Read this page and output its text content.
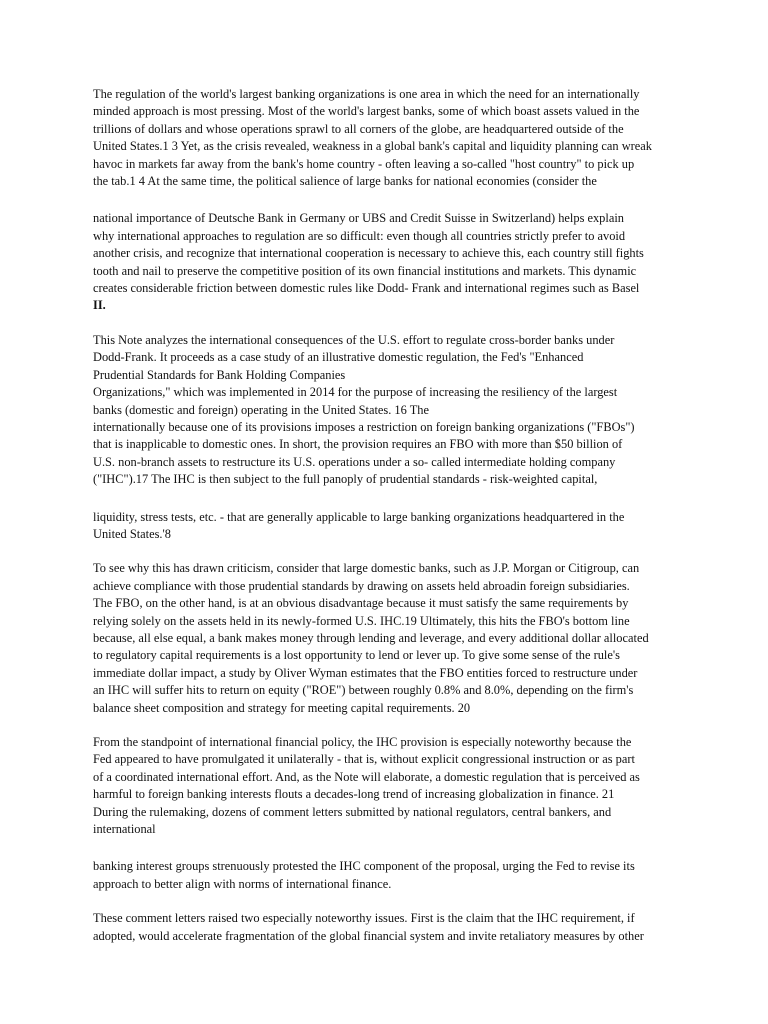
The regulation of the world's largest banking organizations is one area in which the need for an internationally
minded approach is most pressing. Most of the world's largest banks, some of which boast assets valued in the
trillions of dollars and whose operations sprawl to all corners of the globe, are headquartered outside of the
United States.1 3 Yet, as the crisis revealed, weakness in a global bank's capital and liquidity planning can wreak
havoc in markets far away from the bank's home country - often leaving a so-called "host country" to pick up
the tab.1 4 At the same time, the political salience of large banks for national economies (consider the
national importance of Deutsche Bank in Germany or UBS and Credit Suisse in Switzerland) helps explain
why international approaches to regulation are so difficult: even though all countries strictly prefer to avoid
another crisis, and recognize that international cooperation is necessary to achieve this, each country still fights
tooth and nail to preserve the competitive position of its own financial institutions and markets. This dynamic
creates considerable friction between domestic rules like Dodd- Frank and international regimes such as Basel
II.
This Note analyzes the international consequences of the U.S. effort to regulate cross-border banks under
Dodd-Frank. It proceeds as a case study of an illustrative domestic regulation, the Fed's "Enhanced
Prudential Standards for Bank Holding Companies
Organizations," which was implemented in 2014 for the purpose of increasing the resiliency of the largest
banks (domestic and foreign) operating in the United States. 16 The
internationally because one of its provisions imposes a restriction on foreign banking organizations ("FBOs")
that is inapplicable to domestic ones. In short, the provision requires an FBO with more than $50 billion of
U.S. non-branch assets to restructure its U.S. operations under a so- called intermediate holding company
("IHC").17 The IHC is then subject to the full panoply of prudential standards - risk-weighted capital,
liquidity, stress tests, etc. - that are generally applicable to large banking organizations headquartered in the
United States.'8
To see why this has drawn criticism, consider that large domestic banks, such as J.P. Morgan or Citigroup, can
achieve compliance with those prudential standards by drawing on assets held abroadin foreign subsidiaries.
The FBO, on the other hand, is at an obvious disadvantage because it must satisfy the same requirements by
relying solely on the assets held in its newly-formed U.S. IHC.19 Ultimately, this hits the FBO's bottom line
because, all else equal, a bank makes money through lending and leverage, and every additional dollar allocated
to regulatory capital requirements is a lost opportunity to lend or lever up. To give some sense of the rule's
immediate dollar impact, a study by Oliver Wyman estimates that the FBO entities forced to restructure under
an IHC will suffer hits to return on equity ("ROE") between roughly 0.8% and 8.0%, depending on the firm's
balance sheet composition and strategy for meeting capital requirements. 20
From the standpoint of international financial policy, the IHC provision is especially noteworthy because the
Fed appeared to have promulgated it unilaterally - that is, without explicit congressional instruction or as part
of a coordinated international effort. And, as the Note will elaborate, a domestic regulation that is perceived as
harmful to foreign banking interests flouts a decades-long trend of increasing globalization in finance. 21
During the rulemaking, dozens of comment letters submitted by national regulators, central bankers, and
international
banking interest groups strenuously protested the IHC component of the proposal, urging the Fed to revise its
approach to better align with norms of international finance.
These comment letters raised two especially noteworthy issues. First is the claim that the IHC requirement, if
adopted, would accelerate fragmentation of the global financial system and invite retaliatory measures by other
